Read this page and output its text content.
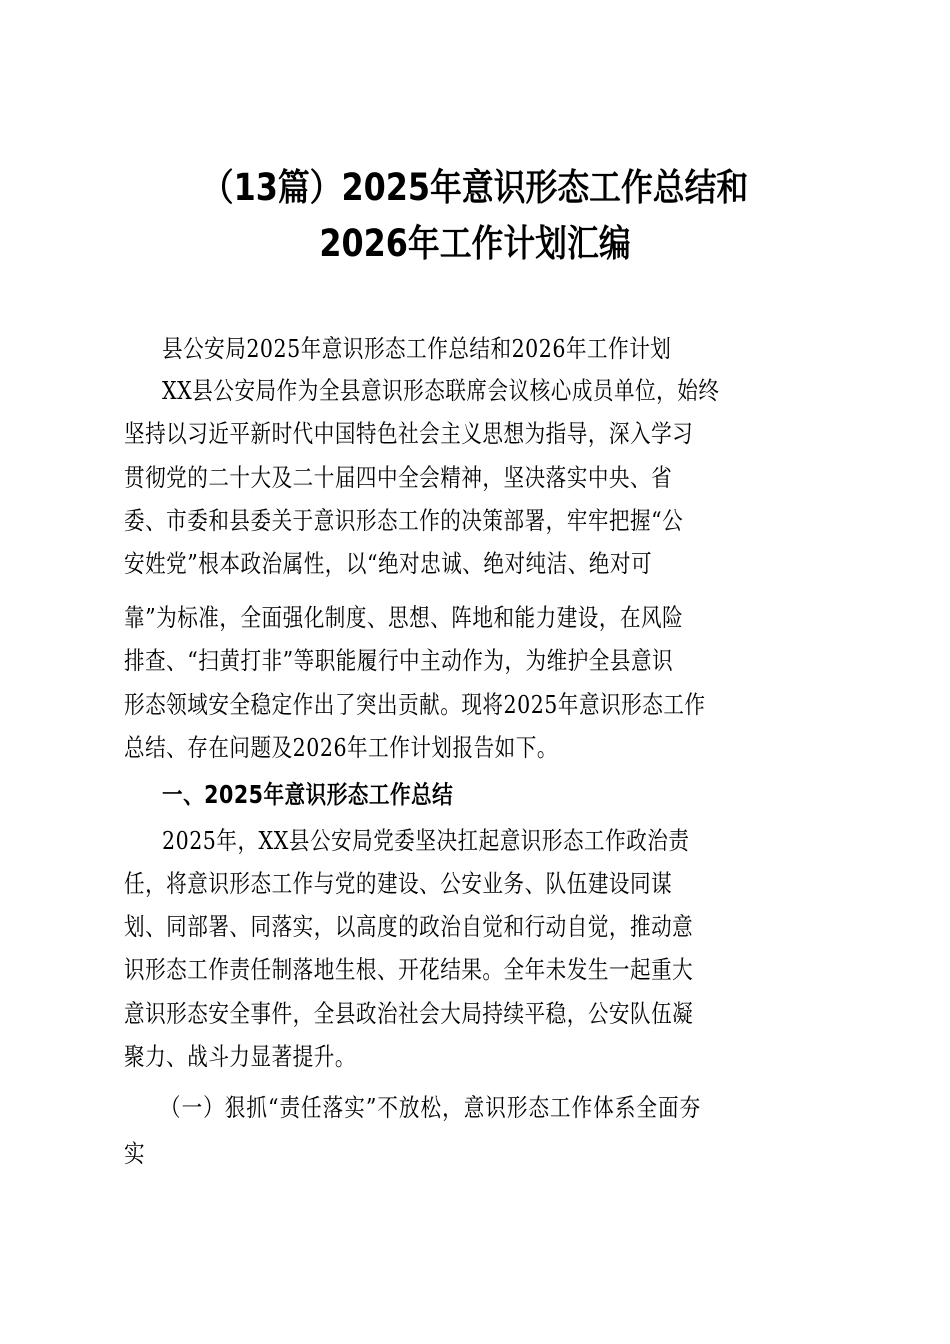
（13篇）2025年意识形态工作总结和
2026年工作计划汇编
县公安局2025年意识形态工作总结和2026年工作计划
XX县公安局作为全县意识形态联席会议核心成员单位，始终
坚持以习近平新时代中国特色社会主义思想为指导，深入学习
贯彻党的二十大及二十届四中全会精神，坚决落实中央、省
委、市委和县委关于意识形态工作的决策部署，牢牢把握“公
安姓党”根本政治属性，以“绝对忠诚、绝对纯洁、绝对可
靠”为标准，全面强化制度、思想、阵地和能力建设，在风险
排查、“扫黄打非”等职能履行中主动作为，为维护全县意识
形态领域安全稳定作出了突出贡献。现将2025年意识形态工作
总结、存在问题及2026年工作计划报告如下。
一、2025年意识形态工作总结
2025年，XX县公安局党委坚决扛起意识形态工作政治责
任，将意识形态工作与党的建设、公安业务、队伍建设同谋
划、同部署、同落实，以高度的政治自觉和行动自觉，推动意
识形态工作责任制落地生根、开花结果。全年未发生一起重大
意识形态安全事件，全县政治社会大局持续平稳，公安队伍凝
聚力、战斗力显著提升。
（一）狠抓“责任落实”不放松，意识形态工作体系全面夯
实
